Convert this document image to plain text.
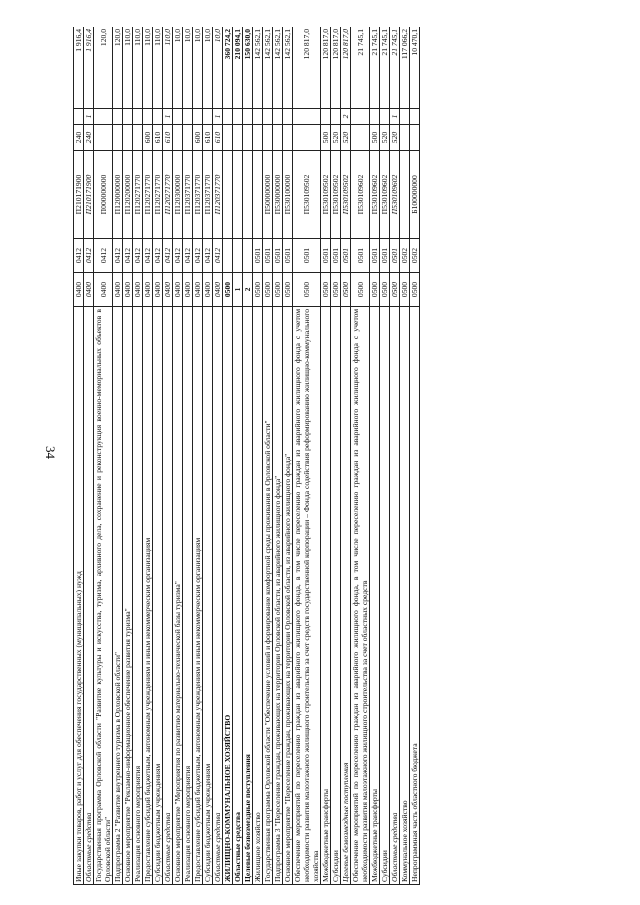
34
Иные закупки товаров, работ и услуг для обеспечения государственных (муниципальных) нужд	0400	0412	П210171900	240		1 916,4
Областные средства	0400	0412	П210171900	240	1	1 916,4
Государственная программа Орловской области "Развитие культуры и искусства, туризма, архивного дела, сохранение и реконструкция военно-мемориальных объектов в Орловской области"	0400	0412	П000000000			120,0
Подпрограмма 2 "Развитие внутреннего туризма в Орловской области"	0400	0412	П120000000			120,0
Основное мероприятие "Рекламно-информационное обеспечение развития туризма"	0400	0412	П120200000			110,0
Реализация основного мероприятия	0400	0412	П120271770			110,0
Предоставление субсидий бюджетным, автономным учреждениям и иным некоммерческим организациям	0400	0412	П120271770	600		110,0
Субсидии бюджетным учреждениям	0400	0412	П120271770	610		110,0
Областные средства	0400	0412	П120271770	610	1	110,0
Основное мероприятие "Мероприятия по развитию материально-технической базы туризма"	0400	0412	П120300000			10,0
Реализация основного мероприятия	0400	0412	П120371770			10,0
Предоставление субсидий бюджетным, автономным учреждениям и иным некоммерческим организациям	0400	0412	П120371770	600		10,0
Субсидии бюджетным учреждениям	0400	0412	П120371770	610		10,0
Областные средства	0400	0412	П120371770	610	1	10,0
ЖИЛИЩНО-КОММУНАЛЬНОЕ ХОЗЯЙСТВО	0500					360 724,2
Областные средства	1					210 094,1
Целевые безвозмездные поступления	2					150 630,0
Жилищное хозяйство	0500	0501				142 562,1
Государственная программа Орловской области "Обеспечение условий и формирование комфортной среды проживания в Орловской области"	0500	0501	П500000000			142 562,1
Подпрограмма 3 "Переселение граждан, проживающих на территории Орловской области, из аварийного жилищного фонда"	0500	0501	П530000000			142 562,1
Основное мероприятие "Переселение граждан, проживающих на территории Орловской области, из аварийного жилищного фонда"	0500	0501	П530100000			142 562,1
Обеспечение мероприятий по переселению граждан из аварийного жилищного фонда, в том числе переселению граждан из аварийного жилищного фонда с учетом необходимости развития малоэтажного жилищного строительства за счет средств государственной корпорации – Фонда содействия реформированию жилищно-коммунального хозяйства	0500	0501	П530109502			120 817,0
Межбюджетные трансферты	0500	0501	П530109502	500		120 817,0
Субсидии	0500	0501	П530109502	520		120 817,0
Целевые безвозмездные поступления	0500	0501	П530109502	520	2	120 817,0
Обеспечение мероприятий по переселению граждан из аварийного жилищного фонда, в том числе переселению граждан из аварийного жилищного фонда с учетом необходимости развития малоэтажного жилищного строительства за счет областных средств	0500	0501	П530109602			21 745,1
Межбюджетные трансферты	0500	0501	П530109602	500		21 745,1
Субсидии	0500	0501	П530109602	520		21 745,1
Областные средства	0500	0501	П530109602	520	1	21 745,1
Коммунальное хозяйство	0500	0502				117 066,2
Непрограммная часть областного бюджета	0500	0502	Б100000000			10 470,1
